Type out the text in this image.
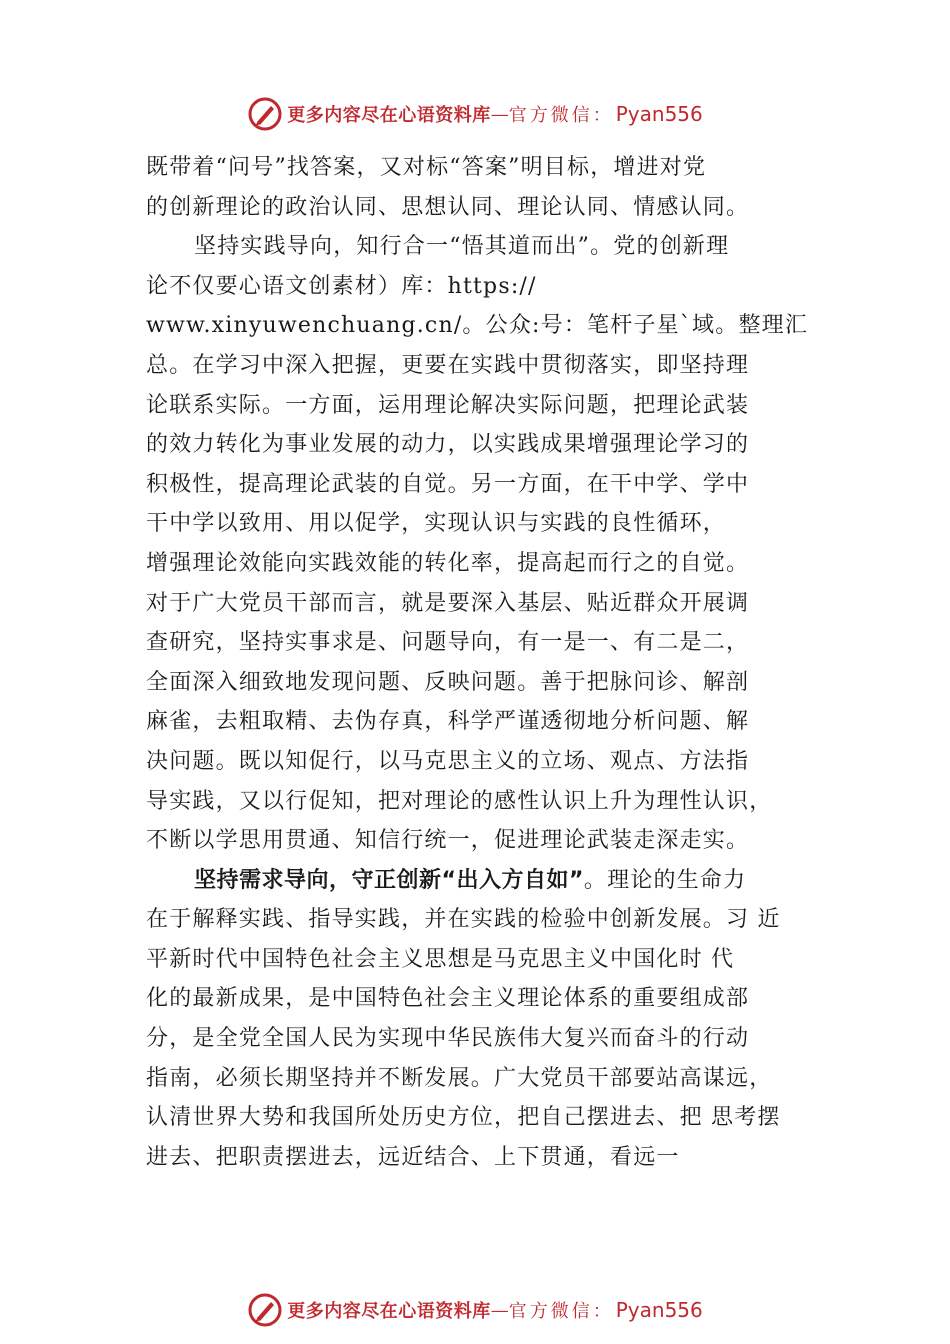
更多内容尽在心语资料库 — 官方微信： Pyan556
既带着“问号”找答案，又对标“答案”明目标，增进对党
的创新理论的政治认同、思想认同、理论认同、情感认同。
坚持实践导向，知行合一“悟其道而出”。党的创新理
论不仅要心语文创素材）库：https://
www.xinyuwenchuang.cn/。公众:号：笔杆子星`域。整理汇
总。在学习中深入把握，更要在实践中贯彻落实，即坚持理
论联系实际。一方面，运用理论解决实际问题，把理论武装
的效力转化为事业发展的动力，以实践成果增强理论学习的
积极性，提高理论武装的自觉。另一方面，在干中学、学中
干中学以致用、用以促学，实现认识与实践的良性循环，
增强理论效能向实践效能的转化率，提高起而行之的自觉。
对于广大党员干部而言，就是要深入基层、贴近群众开展调
查研究，坚持实事求是、问题导向，有一是一、有二是二，
全面深入细致地发现问题、反映问题。善于把脉问诊、解剖
麻雀，去粗取精、去伪存真，科学严谨透彻地分析问题、解
决问题。既以知促行，以马克思主义的立场、观点、方法指
导实践，又以行促知，把对理论的感性认识上升为理性认识，
不断以学思用贯通、知信行统一，促进理论武装走深走实。
坚持需求导向，守正创新“出入方自如”。理论的生命力
在于解释实践、指导实践，并在实践的检验中创新发展。习 近
平新时代中国特色社会主义思想是马克思主义中国化时 代
化的最新成果，是中国特色社会主义理论体系的重要组成部
分，是全党全国人民为实现中华民族伟大复兴而奋斗的行动
指南，必须长期坚持并不断发展。广大党员干部要站高谋远，
认清世界大势和我国所处历史方位，把自己摆进去、把 思考摆
进去、把职责摆进去，远近结合、上下贯通，看远一
更多内容尽在心语资料库 — 官方微信： Pyan556
